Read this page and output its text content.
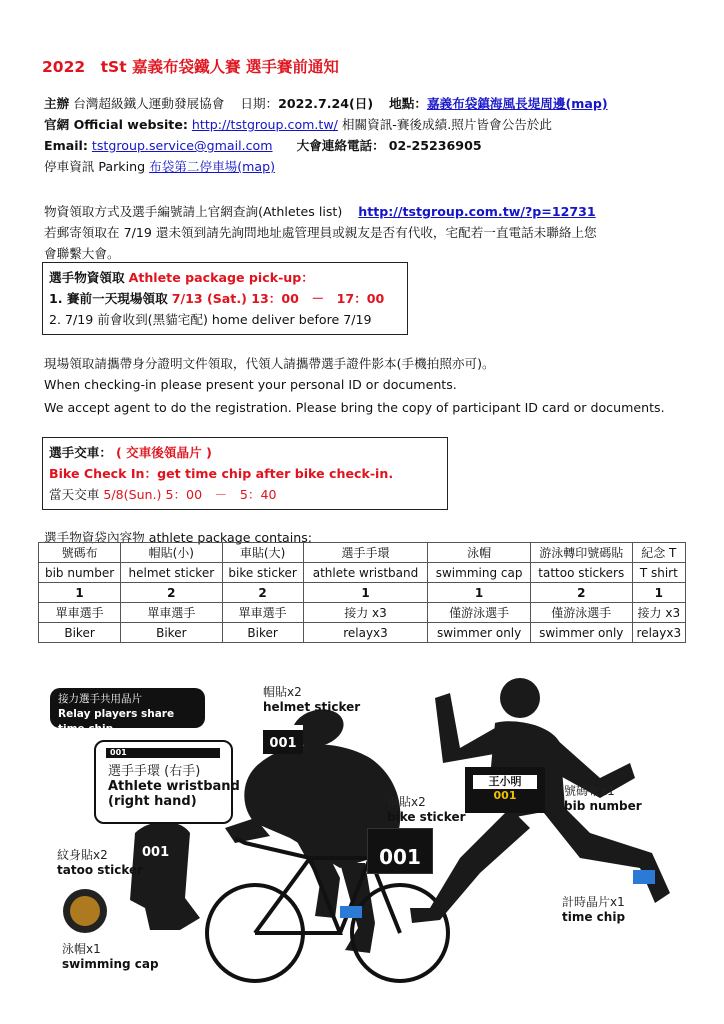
2022　tSt 嘉義布袋鐵人賽 選手賽前通知
主辦 台灣超級鐵人運動發展協會 日期：2022.7.24(日) 地點：嘉義布袋鎮海風長堤周邊(map)
官網 Official website: http://tstgroup.com.tw/ 相關資訊-賽後成績.照片皆會公告於此
Email: tstgroup.service@gmail.com 大會連絡電話： 02-25236905
停車資訊 Parking 布袋第二停車場(map)
物資領取方式及選手編號請上官網查詢(Athletes list) http://tstgroup.com.tw/?p=12731
若郵寄領取在 7/19 還未領到請先詢問地址處管理員或親友是否有代收，宅配若一直電話未聯絡上您
會聯繫大會。
選手物資領取 Athlete package pick-up：
1. 賽前一天現場領取 7/13 (Sat.) 13：00　－　17：00
2. 7/19 前會收到(黑貓宅配) home deliver before 7/19
現場領取請攜帶身分證明文件領取，代領人請攜帶選手證件影本(手機拍照亦可)。
When checking-in please present your personal ID or documents.
We accept agent to do the registration. Please bring the copy of participant ID card or documents.
選手交車： ( 交車後領晶片 )
Bike Check In：get time chip after bike check-in.
當天交車 5/8(Sun.) 5：00　－　5：40
選手物資袋內容物 athlete package contains:
號碼布	帽貼(小)	車貼(大)	選手手環	泳帽	游泳轉印號碼貼	紀念 T
bib number	helmet sticker	bike sticker	athlete wristband	swimming cap	tattoo stickers	T shirt
1	2	2	1	1	2	1
單車選手	單車選手	單車選手	接力 x3	僅游泳選手	僅游泳選手	接力 x3
Biker	Biker	Biker	relayx3	swimmer only	swimmer only	relayx3
接力選手共用晶片
Relay players share time chip.
001
選手手環 (右手)
Athlete wristband
(right hand)
帽貼x2
helmet sticker
001
車貼x2
bike sticker
001
王小明
001	號碼布x1
bib number
紋身貼x2
tatoo sticker
001
泳帽x1
swimming cap
計時晶片x1
time chip
